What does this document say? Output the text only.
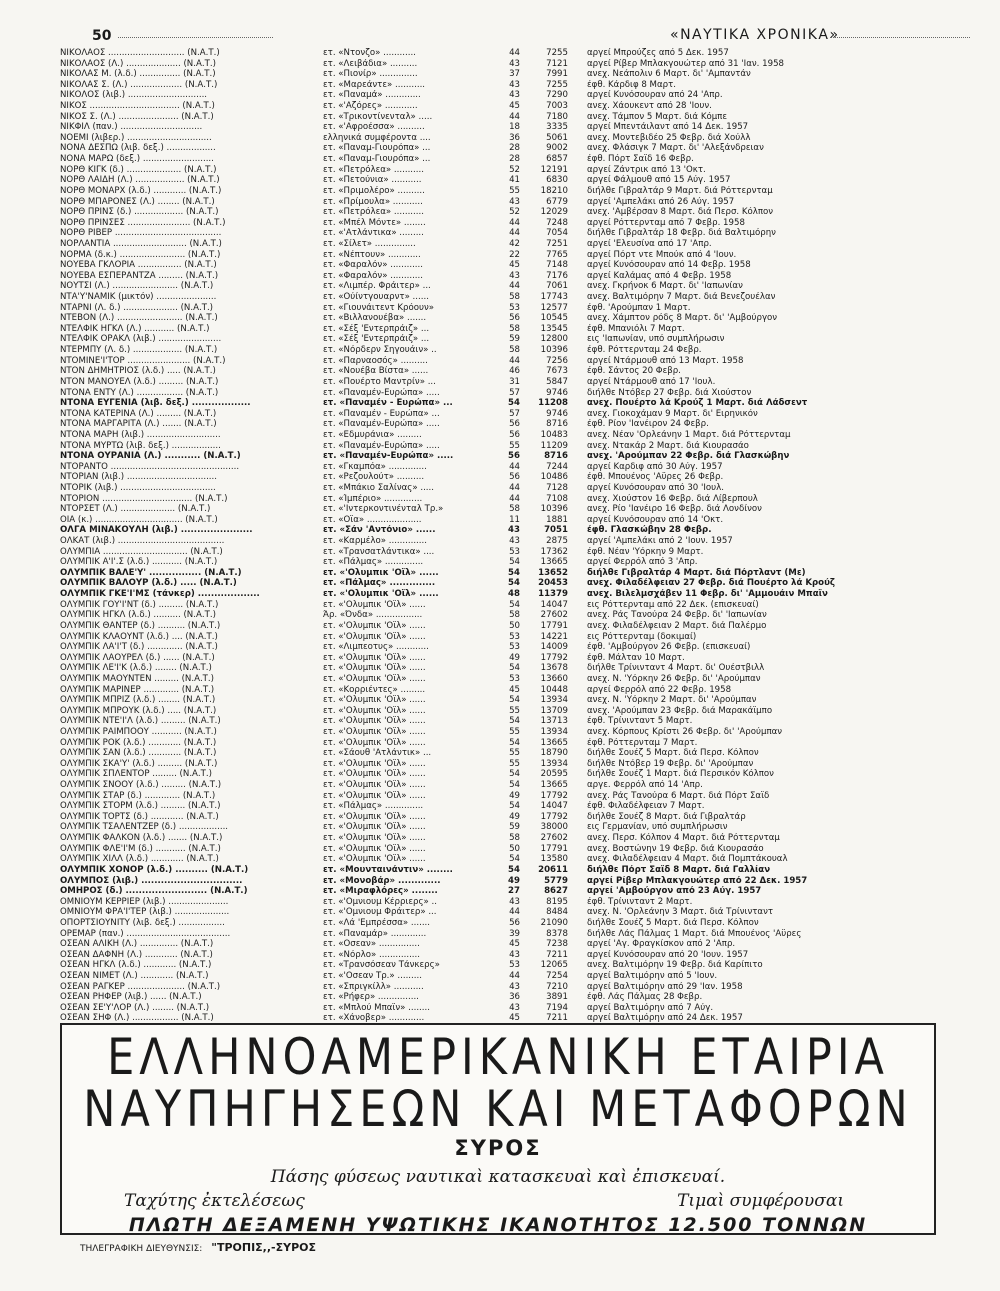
50	«ΝΑΥΤΙΚΑ ΧΡΟΝΙΚΑ»
ΝΙΚΟΛΑΟΣ ............................ (Ν.Α.Τ.)	ετ. «Ντονζο» ............	44	7255 αργεί Μπρούζες από 5 Δεκ. 1957
ΝΙΚΟΛΑΟΣ (Λ.) .................... (Ν.Α.Τ.)	ετ. «Λειβάδια» ..........	43	7121 αργεί Ρίβερ Μπλακγουώτερ από 31 'Ιαν. 1958
ΝΙΚΟΛΑΣ Μ. (λ.δ.) ............... (Ν.Α.Τ.)	ετ. «Πιονίρ» ..............	37	7991 ανεχ. Νεάπολιν 6 Μαρτ. δι' 'Αμπαντάν
ΝΙΚΟΛΑΣ Σ. (Λ.) ................... (Ν.Α.Τ.)	ετ. «Μαρεάντε» ...........	43	7255 έφθ. Κάρδιφ 8 Μαρτ.
ΝΙΚΟΛΟΣ (λιβ.) .............................	ετ. «Παναμά» .............	43	7290 αργεί Κυνόσουραν από 24 'Απρ.
ΝΙΚΟΣ ................................. (Ν.Α.Τ.)	ετ. «'Αζόρες» ............	45	7003 ανεχ. Χάουκεντ από 28 'Ιουν.
ΝΙΚΟΣ Σ. (Λ.) ...................... (Ν.Α.Τ.)	ετ. «Τρικοντίνενταλ» .....	44	7180 ανεχ. Τάμπον 5 Μαρτ. διά Κόμπε
ΝΙΚΦΙΛ (παν.) ..............................	ετ. «'Αφροέσσα» ..........	18	3335 αργεί Μπεντάιλαντ από 14 Δεκ. 1957
ΝΟΕΜΙ (λιβερ.) ...............................	ελληνικά συμφέροντα ....	36	5061 ανεχ. Μοντεβιδέο 25 Φεβρ. διά Χούλλ
ΝΟΝΑ ΔΕΣΠΩ (λιβ. δεξ.) ..................	ετ. «Παναμ-Γιουρόπα» ...	28	9002 ανεχ. Φλάσιγκ 7 Μαρτ. δι' 'Αλεξάνδρειαν
ΝΟΝΑ ΜΑΡΩ (δεξ.) ..........................	ετ. «Παναμ-Γιουρόπα» ...	28	6857 έφθ. Πόρτ Σαΐδ 16 Φεβρ.
ΝΟΡΘ ΚΙΓΚ (δ.) .................... (Ν.Α.Τ.)	ετ. «Πετρόλεα» ...........	52	12191 αργεί Ζάντρικ από 13 'Οκτ.
ΝΟΡΘ ΛΑΙΔΗ (Λ.) .................. (Ν.Α.Τ.)	ετ. «Πετούνια» ...........	41	6830 αργεί Φάλμουθ από 15 Αύγ. 1957
ΝΟΡΘ ΜΟΝΑΡΧ (λ.δ.) ............ (Ν.Α.Τ.)	ετ. «Πριμολέρο» ..........	55	18210 διήλθε Γιβραλτάρ 9 Μαρτ. διά Ρόττερνταμ
ΝΟΡΘ ΜΠΑΡΟΝΕΣ (Λ.) ........ (Ν.Α.Τ.)	ετ. «Πρίμουλα» ...........	43	6779 αργεί 'Αμπελάκι από 26 Αύγ. 1957
ΝΟΡΘ ΠΡΙΝΣ (δ.) .................. (Ν.Α.Τ.)	ετ. «Πετρόλεα» ...........	52	12029 ανεχ. 'Αμβέρσαν 8 Μαρτ. διά Περσ. Κόλπον
ΝΟΡΘ ΠΡΙΝΣΕΣ ....................... (Ν.Α.Τ.)	ετ. «Μπέλ Μόντε» ........	44	7248 αργεί Ρόττερνταμ από 7 Φεβρ. 1958
ΝΟΡΘ ΡΙΒΕΡ .......................................	ετ. «'Ατλάντικα» .........	44	7054 διήλθε Γιβραλτάρ 18 Φεβρ. διά Βαλτιμόρην
ΝΟΡΛΑΝΤΙΑ ........................... (Ν.Α.Τ.)	ετ. «Σίλετ» ...............	42	7251 αργεί 'Ελευσίνα από 17 'Απρ.
ΝΟΡΜΑ (δ.κ.) ........................ (Ν.Α.Τ.)	ετ. «Νέπτουν» ............	22	7765 αργεί Πόρτ ντε Μπούκ από 4 'Ιουν.
ΝΟΥΕΒΑ ΓΚΛΟΡΙΑ ................ (Ν.Α.Τ.)	ετ. «Φαραλόν» ............	45	7148 αργεί Κυνόσουραν από 14 Φεβρ. 1958
ΝΟΥΕΒΑ ΕΣΠΕΡΑΝΤΖΑ ......... (Ν.Α.Τ.)	ετ. «Φαραλόν» ............	43	7176 αργεί Καλάμας από 4 Φεβρ. 1958
ΝΟΥΤΣΙ (Λ.) ........................ (Ν.Α.Τ.)	ετ. «Λιμπέρ. Φράιτερ» ...	44	7061 ανεχ. Γκρήνοκ 6 Μαρτ. δι' 'Ιαπωνίαν
ΝΤΑ'Υ'ΝΑΜΙΚ (μικτόν) ......................	ετ. «Ούίντγουαρντ» ......	58	17743 ανεχ. Βαλτιμόρην 7 Μαρτ. διά Βενεζουέλαν
ΝΤΑΡΝΙ (Λ. δ.) .................... (Ν.Α.Τ.)	ετ. «Γιουνάιτεντ Κρόουν»	53	12577 έφθ. 'Αρούμπαν 1 Μαρτ.
ΝΤΕΒΟΝ (Λ.) ........................ (Ν.Α.Τ.)	ετ. «Βιλλανουέβα» .......	56	10545 ανεχ. Χάμπτον ρόδς 8 Μαρτ. δι' 'Αμβούργον
ΝΤΕΛΦΙΚ ΗΓΚΛ (Λ.) ........... (Ν.Α.Τ.)	ετ. «Σέξ 'Εντερπράιζ» ...	58	13545 έφθ. Μπανιόλι 7 Μαρτ.
ΝΤΕΛΦΙΚ ΟΡΑΚΛ (λιβ.) .......................	ετ. «Σέξ 'Εντερπράιζ» ...	59	12800 εις 'Ιαπωνίαν, υπό συμπλήρωσιν
ΝΤΕΡΜΠΥ (Λ. δ.) .................. (Ν.Α.Τ.)	ετ. «Νόρδερν Σηγουάιν» ..	58	10396 έφθ. Ρόττερνταμ 24 Φεβρ.
ΝΤΟΜΙΝΕ'Ι'ΤΟΡ ....................... (Ν.Α.Τ.)	ετ. «Παρναοσός» ..........	44	7256 αργεί Ντάρμουθ από 13 Μαρτ. 1958
ΝΤΟΝ ΔΗΜΗΤΡΙΟΣ (λ.δ.) ..... (Ν.Α.Τ.)	ετ. «Νουέβα Βίστα» ......	46	7673 έφθ. Σάντος 20 Φεβρ.
ΝΤΟΝ ΜΑΝΟΥΕΛ (λ.δ.) ......... (Ν.Α.Τ.)	ετ. «Πουέρτο Μαντρίν» ...	31	5847 αργεί Ντάρμουθ από 17 'Ιουλ.
ΝΤΟΝΑ ΕΝΤΥ (Λ.) ................. (Ν.Α.Τ.)	ετ. «Παναμέν-Ευρώπα» .....	57	9746 διήλθε Ντόβερ 27 Φεβρ. διά Χιούστον
ΝΤΟΝΑ ΕΥΓΕΝΙΑ (λιβ. δεξ.) ..................	ετ. «Παναμέν - Ευρώπα» ...	54	11208 ανεχ. Πουέρτο λά Κρούζ 1 Μαρτ. διά Λάδσεντ
ΝΤΟΝΑ ΚΑΤΕΡΙΝΑ (Λ.) ......... (Ν.Α.Τ.)	ετ. «Παναμέν - Ευρώπα» ...	57	9746 ανεχ. Γιοκοχάμαν 9 Μαρτ. δι' Ειρηνικόν
ΝΤΟΝΑ ΜΑΡΓΑΡΙΤΑ (Λ.) ....... (Ν.Α.Τ.)	ετ. «Παναμέν-Ευρώπα» .....	56	8716 έφθ. Ρίον 'Ιανέιρον 24 Φεβρ.
ΝΤΟΝΑ ΜΑΡΗ (λιβ.) ...........................	ετ. «Εδμυράνια» .........	56	10483 ανεχ. Νέαν 'Ορλεάνην 1 Μαρτ. διά Ρόττερνταμ
ΝΤΟΝΑ ΜΥΡΤΩ (λιβ. δεξ.) ..................	ετ. «Παναμέν-Ευρώπα» .....	55	11209 ανεχ. Ντακάρ 2 Μαρτ. διά Κιουρασάο
ΝΤΟΝΑ ΟΥΡΑΝΙΑ (Λ.) ........... (Ν.Α.Τ.)	ετ. «Παναμέν-Ευρώπα» .....	56	8716 ανεχ. 'Αρούμπαν 22 Φεβρ. διά Γλασκώβην
ΝΤΟΡΑΝΤΟ ...............................................	ετ. «Γκαμπόα» ..............	44	7244 αργεί Καρδιφ από 30 Αύγ. 1957
ΝΤΟΡΙΑΝ (λιβ.) .................................	ετ. «Ρεζουλούτ» ..........	56	10486 έφθ. Μπουένος 'Αϋρες 26 Φεβρ.
ΝΤΟΡΙΚ (λιβ.) ...................................	ετ. «Μπάκιο Σαλίνας» .....	44	7128 αργεί Κυνόσουραν από 30 'Ιουλ.
ΝΤΟΡΙΟΝ ................................. (Ν.Α.Τ.)	ετ. «Ίμπέριο» ..............	44	7108 ανεχ. Χιούστον 16 Φεβρ. διά Λίβερπουλ
ΝΤΟΡΣΕΤ (Λ.) .................... (Ν.Α.Τ.)	ετ. «'Ιντερκοντινένταλ Τρ.»	58	10396 ανεχ. Ρίο 'Ιανέιρο 16 Φεβρ. διά Λονδίνον
ΟΙΑ (κ.) ................................ (Ν.Α.Τ.)	ετ. «Οΐα» ....................	11	1881 αργεί Κυνόσουραν από 14 'Οκτ.
ΟΛΓΑ ΜΙΝΑΚΟΥΛΗ (λιβ.) ......................	ετ. «Σάν 'Αντόνιο» ......	43	7051 έφθ. Γλασκώβην 28 Φεβρ.
ΟΛΚΑΤ (λιβ.) .......................................	ετ. «Καρμέλο» ..............	43	2875 αργεί 'Αμπελάκι από 2 'Ιουν. 1957
ΟΛΥΜΠΙΑ ............................... (Ν.Α.Τ.)	ετ. «Τρανσατλάντικα» ....	53	17362 έφθ. Νέαν 'Υόρκην 9 Μαρτ.
ΟΛΥΜΠΙΚ Α'Ι'.Σ (λ.δ.) ........... (Ν.Α.Τ.)	ετ. «Πάλμας» ..............	54	13665 αργεί Φερρόλ από 3 'Απρ.
ΟΛΥΜΠΙΚ ΒΑΛΕ'Υ' ................ (Ν.Α.Τ.)	ετ. «'Ολυμπικ 'Οΐλ» ......	54	13652 διήλθε Γιβραλτάρ 4 Μαρτ. διά Πόρτλαντ (Με)
ΟΛΥΜΠΙΚ ΒΑΛΟΥΡ (λ.δ.) ..... (Ν.Α.Τ.)	ετ. «Πάλμας» ..............	54	20453 ανεχ. Φιλαδέλφειαν 27 Φεβρ. διά Πουέρτο λά Κρούζ
ΟΛΥΜΠΙΚ ΓΚΕ'Ι'ΜΣ (τάνκερ) ...................	ετ. «'Ολυμπικ 'Οΐλ» ......	48	11379 ανεχ. Βιλελμσχάβεν 11 Φεβρ. δι' 'Αμμουάιν Μπαΐν
ΟΛΥΜΠΙΚ ΓΟΥ'Ι'ΝΤ (δ.) ......... (Ν.Α.Τ.)	ετ. «'Ολυμπικ 'Οΐλ» ......	54	14047 εις Ρόττερνταμ από 22 Δεκ. (επισκευαί)
ΟΛΥΜΠΙΚ ΗΓΚΛ (λ.δ.) .......... (Ν.Α.Τ.)	Άρ. «Όνδα» .................	58	27602 ανεχ. Ράς Τανούρα 24 Φεβρ. δι' 'Ιαπωνίαν
ΟΛΥΜΠΙΚ ΘΑΝΤΕΡ (δ.) .......... (Ν.Α.Τ.)	ετ. «'Ολυμπικ 'Οΐλ» ......	50	17791 ανεχ. Φιλαδέλφειαν 2 Μαρτ. διά Παλέρμο
ΟΛΥΜΠΙΚ ΚΛΑΟΥΝΤ (λ.δ.) .... (Ν.Α.Τ.)	ετ. «'Ολυμπικ 'Οΐλ» ......	53	14221 εις Ρόττερνταμ (δοκιμαί)
ΟΛΥΜΠΙΚ ΛΑ'Ι'Τ (δ.) ............. (Ν.Α.Τ.)	ετ. «Λιμπεοτυς» ............	53	14009 έφθ. 'Αμβούργον 26 Φεβρ. (επισκευαί)
ΟΛΥΜΠΙΚ ΛΑΟΥΡΕΛ (δ.) ...... (Ν.Α.Τ.)	ετ. «'Ολυμπικ 'Οΐλ» ......	49	17792 έφθ. Μάλταν 10 Μαρτ.
ΟΛΥΜΠΙΚ ΛΕ'Ι'Κ (λ.δ.) ........ (Ν.Α.Τ.)	ετ. «'Ολυμπικ 'Οΐλ» ......	54	13678 διήλθε Τρίνινταντ 4 Μαρτ. δι' Ουέστβιλλ
ΟΛΥΜΠΙΚ ΜΑΟΥΝΤΕΝ ......... (Ν.Α.Τ.)	ετ. «'Ολυμπικ 'Οΐλ» ......	53	13660 ανεχ. Ν. 'Υόρκην 26 Φεβρ. δι' 'Αρούμπαν
ΟΛΥΜΠΙΚ ΜΑΡΙΝΕΡ ............. (Ν.Α.Τ.)	ετ. «Κορριέντες» .........	45	10448 αργεί Φερρόλ από 22 Φεβρ. 1958
ΟΛΥΜΠΙΚ ΜΠΡΙΖ (λ.δ.) ........ (Ν.Α.Τ.)	ετ. «'Ολυμπικ 'Οΐλ» ......	54	13934 ανεχ. Ν. 'Υόρκην 2 Μαρτ. δι' 'Αρούμπαν
ΟΛΥΜΠΙΚ ΜΠΡΟΥΚ (λ.δ.) ..... (Ν.Α.Τ.)	ετ. «'Ολυμπικ 'Οΐλ» ......	55	13709 ανεχ. 'Αρούμπαν 23 Φεβρ. διά Μαρακάϊμπο
ΟΛΥΜΠΙΚ ΝΤΕ'Ι'Λ (λ.δ.) ......... (Ν.Α.Τ.)	ετ. «'Ολυμπικ 'Οΐλ» ......	54	13713 έφθ. Τρίνινταντ 5 Μαρτ.
ΟΛΥΜΠΙΚ ΡΑΙΜΠΟΟΥ ........... (Ν.Α.Τ.)	ετ. «'Ολυμπικ 'Οΐλ» ......	55	13934 ανεχ. Κόρπους Κρίστι 26 Φεβρ. δι' 'Αρούμπαν
ΟΛΥΜΠΙΚ ΡΟΚ (λ.δ.) ............ (Ν.Α.Τ.)	ετ. «'Ολυμπικ 'Οΐλ» ......	54	13665 έφθ. Ρόττερνταμ 7 Μαρτ.
ΟΛΥΜΠΙΚ ΣΑΝ (λ.δ.) ............ (Ν.Α.Τ.)	ετ. «Σάουθ 'Ατλάντικ» ...	55	18790 διήλθε Σουέζ 5 Μαρτ. διά Περσ. Κόλπον
ΟΛΥΜΠΙΚ ΣΚΑ'Υ' (λ.δ.) ......... (Ν.Α.Τ.)	ετ. «'Ολυμπικ 'Οΐλ» ......	55	13934 διήλθε Ντόβερ 19 Φεβρ. δι' 'Αρούμπαν
ΟΛΥΜΠΙΚ ΣΠΛΕΝΤΟΡ ......... (Ν.Α.Τ.)	ετ. «'Ολυμπικ 'Οΐλ» ......	54	20595 διήλθε Σουέζ 1 Μαρτ. διά Περσικόν Κόλπον
ΟΛΥΜΠΙΚ ΣΝΟΟΥ (λ.δ.) ......... (Ν.Α.Τ.)	ετ. «'Ολυμπικ 'Οΐλ» ......	54	13665 αργε. Φερρόλ από 14 'Απρ.
ΟΛΥΜΠΙΚ ΣΤΑΡ (δ.) ............. (Ν.Α.Τ.)	ετ. «'Ολυμπικ 'Οΐλ» ......	49	17792 ανεχ. Ράς Τανούρα 6 Μαρτ. διά Πόρτ Σαΐδ
ΟΛΥΜΠΙΚ ΣΤΟΡΜ (λ.δ.) ......... (Ν.Α.Τ.)	ετ. «Πάλμας» ..............	54	14047 έφθ. Φιλαδέλφειαν 7 Μαρτ.
ΟΛΥΜΠΙΚ ΤΟΡΤΣ (δ.) ............ (Ν.Α.Τ.)	ετ. «'Ολυμπικ 'Οΐλ» ......	49	17792 διήλθε Σουέζ 8 Μαρτ. διά Γιβραλτάρ
ΟΛΥΜΠΙΚ ΤΣΑΛΕΝΤΖΕΡ (δ.) ..................	ετ. «'Ολυμπικ 'Οΐλ» ......	59	38000 εις Γερμανίαν, υπό συμπλήρωσιν
ΟΛΥΜΠΙΚ ΦΑΛΚΟΝ (λ.δ.) ....... (Ν.Α.Τ.)	ετ. «'Ολυμπικ 'Οΐλ» ......	58	27602 ανεχ. Περσ. Κόλπον 4 Μαρτ. διά Ρόττερνταμ
ΟΛΥΜΠΙΚ ΦΛΕ'Ι'Μ (δ.) ........... (Ν.Α.Τ.)	ετ. «'Ολυμπικ 'Οΐλ» ......	50	17791 ανεχ. Βοστώνην 19 Φεβρ. διά Κιουρασάο
ΟΛΥΜΠΙΚ ΧΙΛΛ (λ.δ.) ............ (Ν.Α.Τ.)	ετ. «'Ολυμπικ 'Οΐλ» ......	54	13580 ανεχ. Φιλαδέλφειαν 4 Μαρτ. διά Πομπτάκουαλ
ΟΛΥΜΠΙΚ ΧΟΝΟΡ (λ.δ.) .......... (Ν.Α.Τ.)	ετ. «Μουνταινάντιν» ........	54	20611 διήλθε Πόρτ Σαΐδ 8 Μαρτ. διά Γαλλίαν
ΟΛΥΜΠΟΣ (λιβ.) ...............................	ετ. «Μονοβάρ» .............	49	5779 αργεί Ρίβερ Μπλακγουώτερ από 22 Δεκ. 1957
ΟΜΗΡΟΣ (δ.) ......................... (Ν.Α.Τ.)	ετ. «Μιραφλόρες» ........	27	8627 αργεί 'Αμβούργον από 23 Αύγ. 1957
ΟΜΝΙΟΥΜ ΚΕΡΡΙΕΡ (λιβ.) ......................	ετ. «'Ομνιουμ Κέρριερς» ..	43	8195 έφθ. Τρίνινταντ 2 Μαρτ.
ΟΜΝΙΟΥΜ ΦΡΑ'Ι'ΤΕΡ (λιβ.) ....................	ετ. «'Ομνιουμ Φράιτερ» ...	44	8484 ανεχ. Ν. 'Ορλεάνην 3 Μαρτ. διά Τρίνινταντ
ΟΠΟΡΤΣΙΟΥΝΙΤΥ (λιβ. δεξ.) .................	ετ. «Λά 'Εμπρέσσα» .......	56	21090 διήλθε Σουέζ 5 Μαρτ. διά Περσ. Κόλπον
ΟΡΕΜΑΡ (παν.) ......................................	ετ. «Παναμάρ» .............	39	8378 διήλθε Λάς Πάλμας 1 Μαρτ. διά Μπουένος 'Αϋρες
ΟΣΕΑΝ ΑΛΙΚΗ (Λ.) .............. (Ν.Α.Τ.)	ετ. «Οσεαν» ...............	45	7238 αργεί 'Αγ. Φραγκίσκον από 2 'Απρ.
ΟΣΕΑΝ ΔΑΦΝΗ (Λ.) ............ (Ν.Α.Τ.)	ετ. «Νόρλο» ...............	43	7211 αργεί Κυνόσουραν από 20 'Ιουν. 1957
ΟΣΕΑΝ ΗΓΚΛ (λ.δ.) ............ (Ν.Α.Τ.)	ετ. «Τρανσόσεαν Τάνκερς»	53	12065 ανεχ. Βαλτιμόρην 19 Φεβρ. διά Καρίπιτο
ΟΣΕΑΝ ΝΙΜΕΤ (Λ.) ............ (Ν.Α.Τ.)	ετ. «'Οσεαν Τρ.» .........	44	7254 αργεί Βαλτιμόρην από 5 'Ιουν.
ΟΣΕΑΝ ΡΑΓΚΕΡ ..................... (Ν.Α.Τ.)	ετ. «Σπριγκίλλ» ...........	43	7210 αργεί Βαλτιμόρην από 29 'Ιαν. 1958
ΟΣΕΑΝ ΡΗΦΕΡ (λιβ.) ...... (Ν.Α.Τ.)	ετ. «Ρήφερ» ...............	36	3891 έφθ. Λάς Πάλμας 28 Φεβρ.
ΟΣΕΑΝ ΣΕ'Υ'ΛΟΡ (Λ.) ........ (Ν.Α.Τ.)	ετ. «Μπλού Μπαΐν» ........	43	7194 αργεί Βαλτιμόρην από 7 Αύγ.
ΟΣΕΑΝ ΣΗΦ (Λ.) ................. (Ν.Α.Τ.)	ετ. «Χάνοβερ» .............	45	7211 αργεί Βαλτιμόρην από 24 Δεκ. 1957
ΕΛΛΗΝΟΑΜΕΡΙΚΑΝΙΚΗ ΕΤΑΙΡΙΑ
ΝΑΥΠΗΓΗΣΕΩΝ ΚΑΙ ΜΕΤΑΦΟΡΩΝ
ΣΥΡΟΣ
Πάσης φύσεως ναυτικαὶ κατασκευαὶ καὶ ἐπισκευαί.
Ταχύτης ἐκτελέσεως	Τιμαὶ συμφέρουσαι
ΠΛΩΤΗ ΔΕΞΑΜΕΝΗ ΥΨΩΤΙΚΗΣ ΙΚΑΝΟΤΗΤΟΣ 12.500 ΤΟΝΝΩΝ
ΤΗΛΕΓΡΑΦΙΚΗ ΔΙΕΥΘΥΝΣΙΣ: "ΤΡΟΠΙΣ,,-ΣΥΡΟΣ
